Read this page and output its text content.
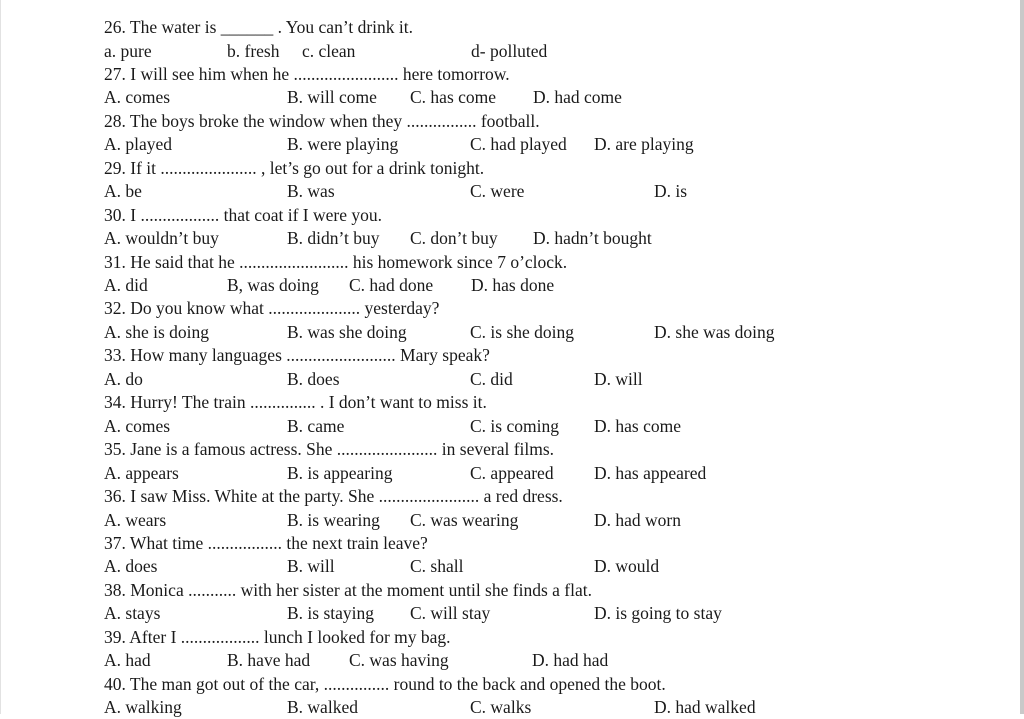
26. The water is ______ . You can’t drink it.
a. pure	b. fresh c. clean	d- polluted
27. I will see him when he ........................ here tomorrow.
A. comes	B. will come C. has come D. had come
28. The boys broke the window when they ................ football.
A. played	B. were playing	C. had played D. are playing
29. If it ...................... , let’s go out for a drink tonight.
A. be	B. was	C. were	D. is
30. I .................. that coat if I were you.
A. wouldn’t buy	B. didn’t buy C. don’t buy D. hadn’t bought
31. He said that he ......................... his homework since 7 o’clock.
A. did	B, was doing C. had done D. has done
32. Do you know what ..................... yesterday?
A. she is doing	B. was she doing	C. is she doing	D. she was doing
33. How many languages ......................... Mary speak?
A. do	B. does	C. did	D. will
34. Hurry! The train ............... . I don’t want to miss it.
A. comes	B. came	C. is coming D. has come
35. Jane is a famous actress. She ....................... in several films.
A. appears	B. is appearing	C. appeared D. has appeared
36. I saw Miss. White at the party. She ....................... a red dress.
A. wears	B. is wearing C. was wearing	D. had worn
37. What time ................. the next train leave?
A. does	B. will	C. shall	D. would
38. Monica ........... with her sister at the moment until she finds a flat.
A. stays	B. is staying C. will stay	D. is going to stay
39. After I .................. lunch I looked for my bag.
A. had	B. have had C. was having	D. had had
40. The man got out of the car, ............... round to the back and opened the boot.
A. walking	B. walked	C. walks	D. had walked
